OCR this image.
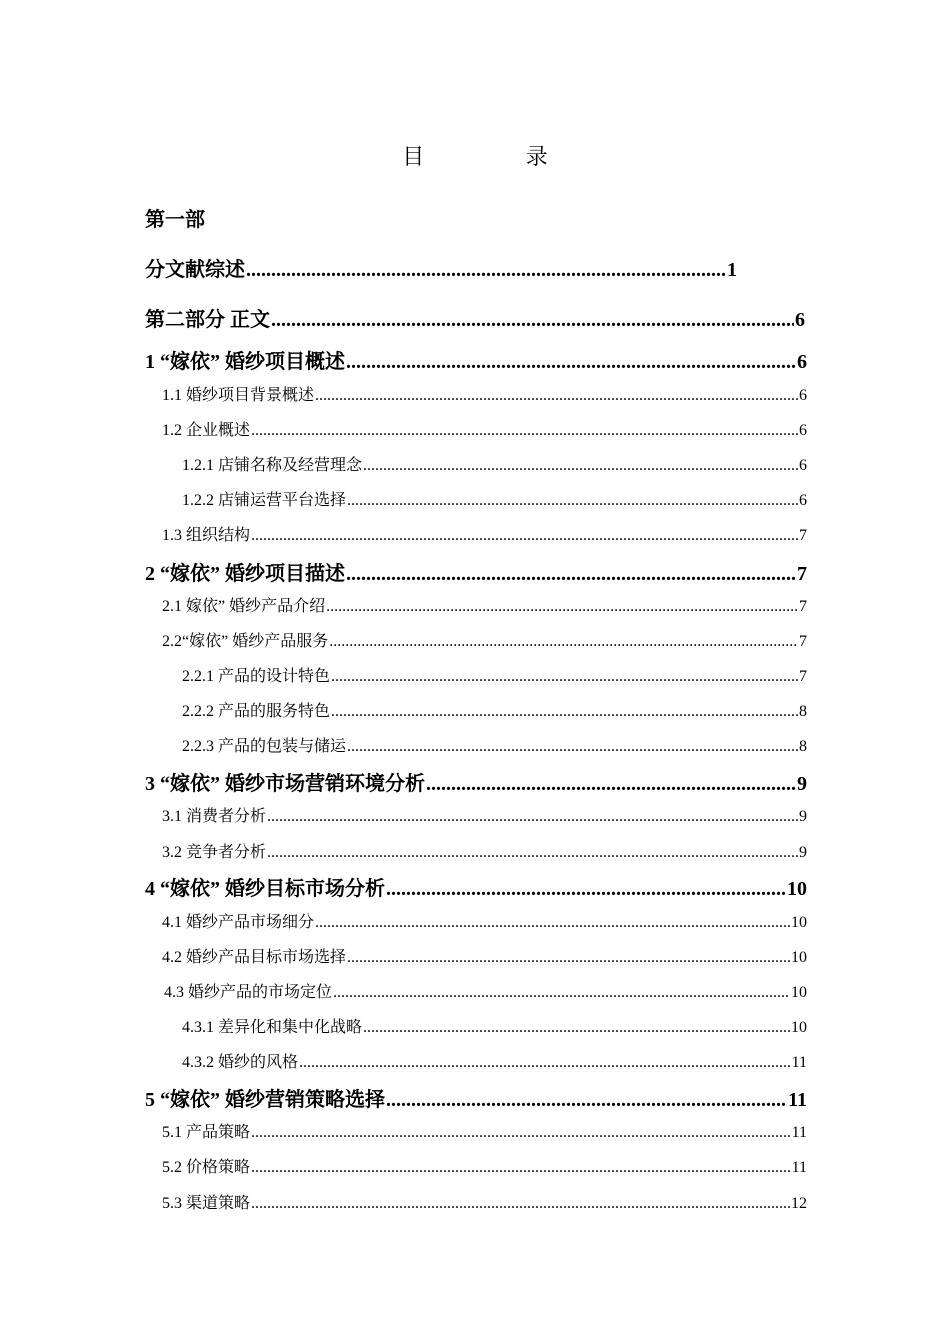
目 录
第一部
分文献综述 .....	1
第二部分 正文 .....	6
1 “嫁依” 婚纱项目概述 .....	6
1.1 婚纱项目背景概述 .....	6
1.2 企业概述 .....	6
1.2.1 店铺名称及经营理念 .....	6
1.2.2 店铺运营平台选择 .....	6
1.3 组织结构 .....	7
2 “嫁依” 婚纱项目描述 .....	7
2.1 嫁依” 婚纱产品介绍 .....	7
2.2“嫁依” 婚纱产品服务 .....	7
2.2.1 产品的设计特色 .....	7
2.2.2 产品的服务特色 .....	8
2.2.3 产品的包装与储运 .....	8
3 “嫁依” 婚纱市场营销环境分析 .....	9
3.1 消费者分析 .....	9
3.2 竞争者分析 .....	9
4 “嫁依” 婚纱目标市场分析 .....	10
4.1 婚纱产品市场细分 .....	10
4.2 婚纱产品目标市场选择 .....	10
4.3 婚纱产品的市场定位 .....	10
4.3.1 差异化和集中化战略 .....	10
4.3.2 婚纱的风格 .....	11
5 “嫁依” 婚纱营销策略选择 .....	11
5.1 产品策略 .....	11
5.2 价格策略 .....	11
5.3 渠道策略 .....	12
